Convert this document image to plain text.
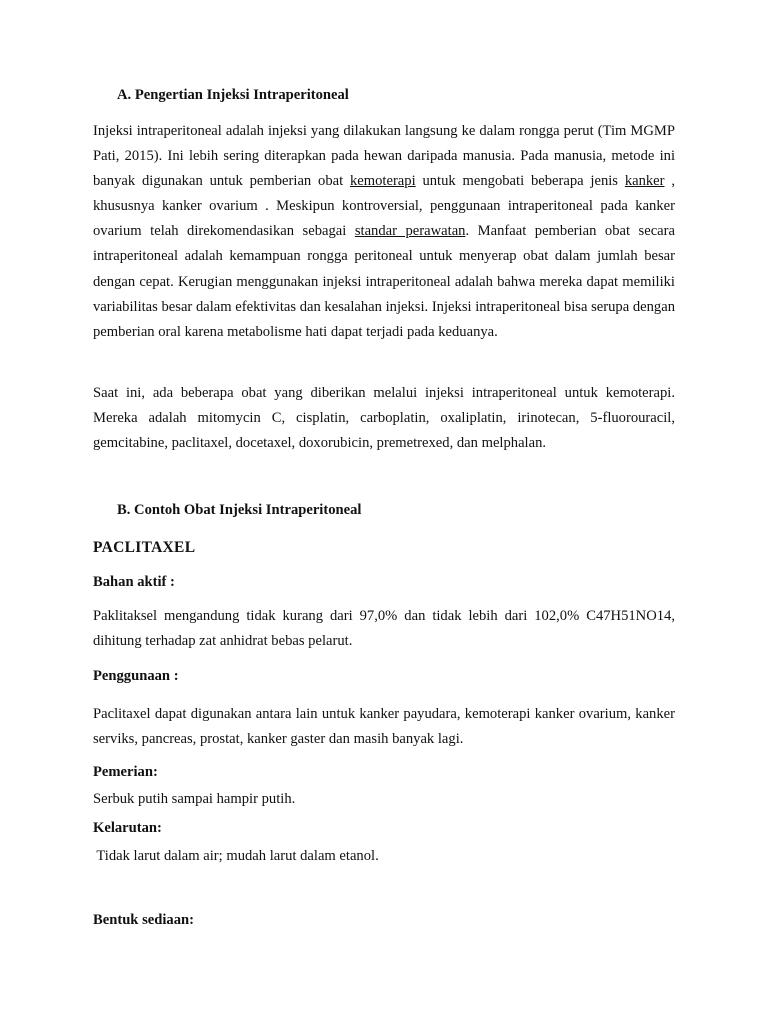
A. Pengertian Injeksi Intraperitoneal

Injeksi intraperitoneal adalah injeksi yang dilakukan langsung ke dalam rongga perut (Tim MGMP Pati, 2015). Ini lebih sering diterapkan pada hewan daripada manusia. Pada manusia, metode ini banyak digunakan untuk pemberian obat kemoterapi untuk mengobati beberapa jenis kanker , khususnya kanker ovarium . Meskipun kontroversial, penggunaan intraperitoneal pada kanker ovarium telah direkomendasikan sebagai standar perawatan. Manfaat pemberian obat secara intraperitoneal adalah kemampuan rongga peritoneal untuk menyerap obat dalam jumlah besar dengan cepat. Kerugian menggunakan injeksi intraperitoneal adalah bahwa mereka dapat memiliki variabilitas besar dalam efektivitas dan kesalahan injeksi. Injeksi intraperitoneal bisa serupa dengan pemberian oral karena metabolisme hati dapat terjadi pada keduanya.

Saat ini, ada beberapa obat yang diberikan melalui injeksi intraperitoneal untuk kemoterapi. Mereka adalah mitomycin C, cisplatin, carboplatin, oxaliplatin, irinotecan, 5-fluorouracil, gemcitabine, paclitaxel, docetaxel, doxorubicin, premetrexed, dan melphalan.

B. Contoh Obat Injeksi Intraperitoneal

PACLITAXEL

Bahan aktif :

Paklitaksel mengandung tidak kurang dari 97,0% dan tidak lebih dari 102,0% C47H51NO14, dihitung terhadap zat anhidrat bebas pelarut.

Penggunaan :

Paclitaxel dapat digunakan antara lain untuk kanker payudara, kemoterapi kanker ovarium, kanker serviks, pancreas, prostat, kanker gaster dan masih banyak lagi.

Pemerian:

Serbuk putih sampai hampir putih.

Kelarutan:

Tidak larut dalam air; mudah larut dalam etanol.

Bentuk sediaan:
